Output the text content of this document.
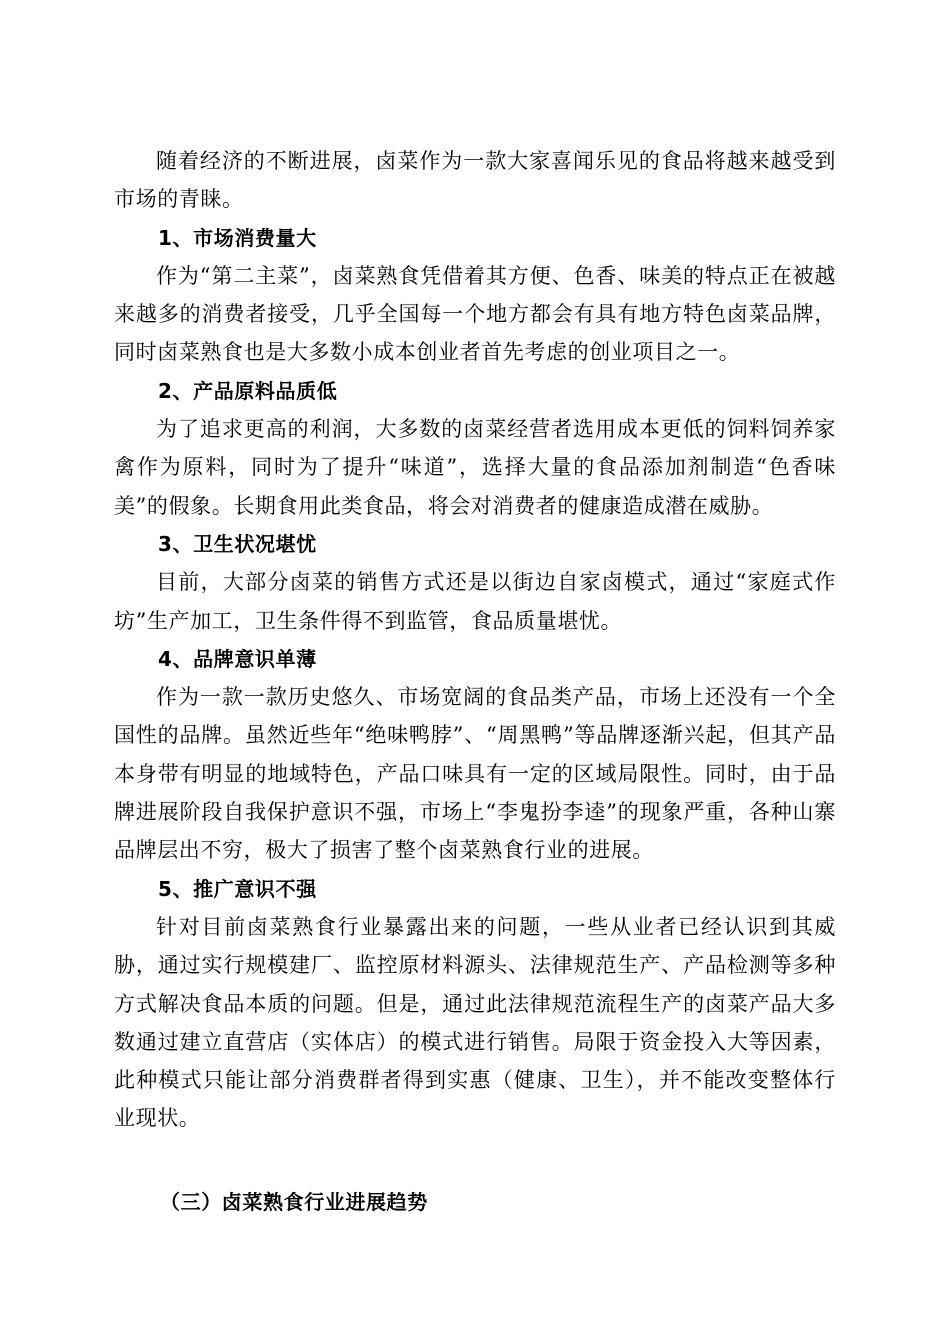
随着经济的不断进展，卤菜作为一款大家喜闻乐见的食品将越来越受到市场的青睐。

1、市场消费量大

作为“第二主菜”，卤菜熟食凭借着其方便、色香、味美的特点正在被越来越多的消费者接受，几乎全国每一个地方都会有具有地方特色卤菜品牌，同时卤菜熟食也是大多数小成本创业者首先考虑的创业项目之一。

2、产品原料品质低

为了追求更高的利润，大多数的卤菜经营者选用成本更低的饲料饲养家禽作为原料，同时为了提升“味道”，选择大量的食品添加剂制造“色香味美”的假象。长期食用此类食品，将会对消费者的健康造成潜在威胁。

3、卫生状况堪忧

目前，大部分卤菜的销售方式还是以街边自家卤模式，通过“家庭式作坊”生产加工，卫生条件得不到监管，食品质量堪忧。

4、品牌意识单薄

作为一款一款历史悠久、市场宽阔的食品类产品，市场上还没有一个全国性的品牌。虽然近些年“绝味鸭脖”、“周黑鸭”等品牌逐渐兴起，但其产品本身带有明显的地域特色，产品口味具有一定的区域局限性。同时，由于品牌进展阶段自我保护意识不强，市场上“李鬼扮李逵”的现象严重，各种山寨品牌层出不穷，极大了损害了整个卤菜熟食行业的进展。

5、推广意识不强

针对目前卤菜熟食行业暴露出来的问题，一些从业者已经认识到其威胁，通过实行规模建厂、监控原材料源头、法律规范生产、产品检测等多种方式解决食品本质的问题。但是，通过此法律规范流程生产的卤菜产品大多数通过建立直营店（实体店）的模式进行销售。局限于资金投入大等因素，此种模式只能让部分消费群者得到实惠（健康、卫生），并不能改变整体行业现状。

（三）卤菜熟食行业进展趋势
